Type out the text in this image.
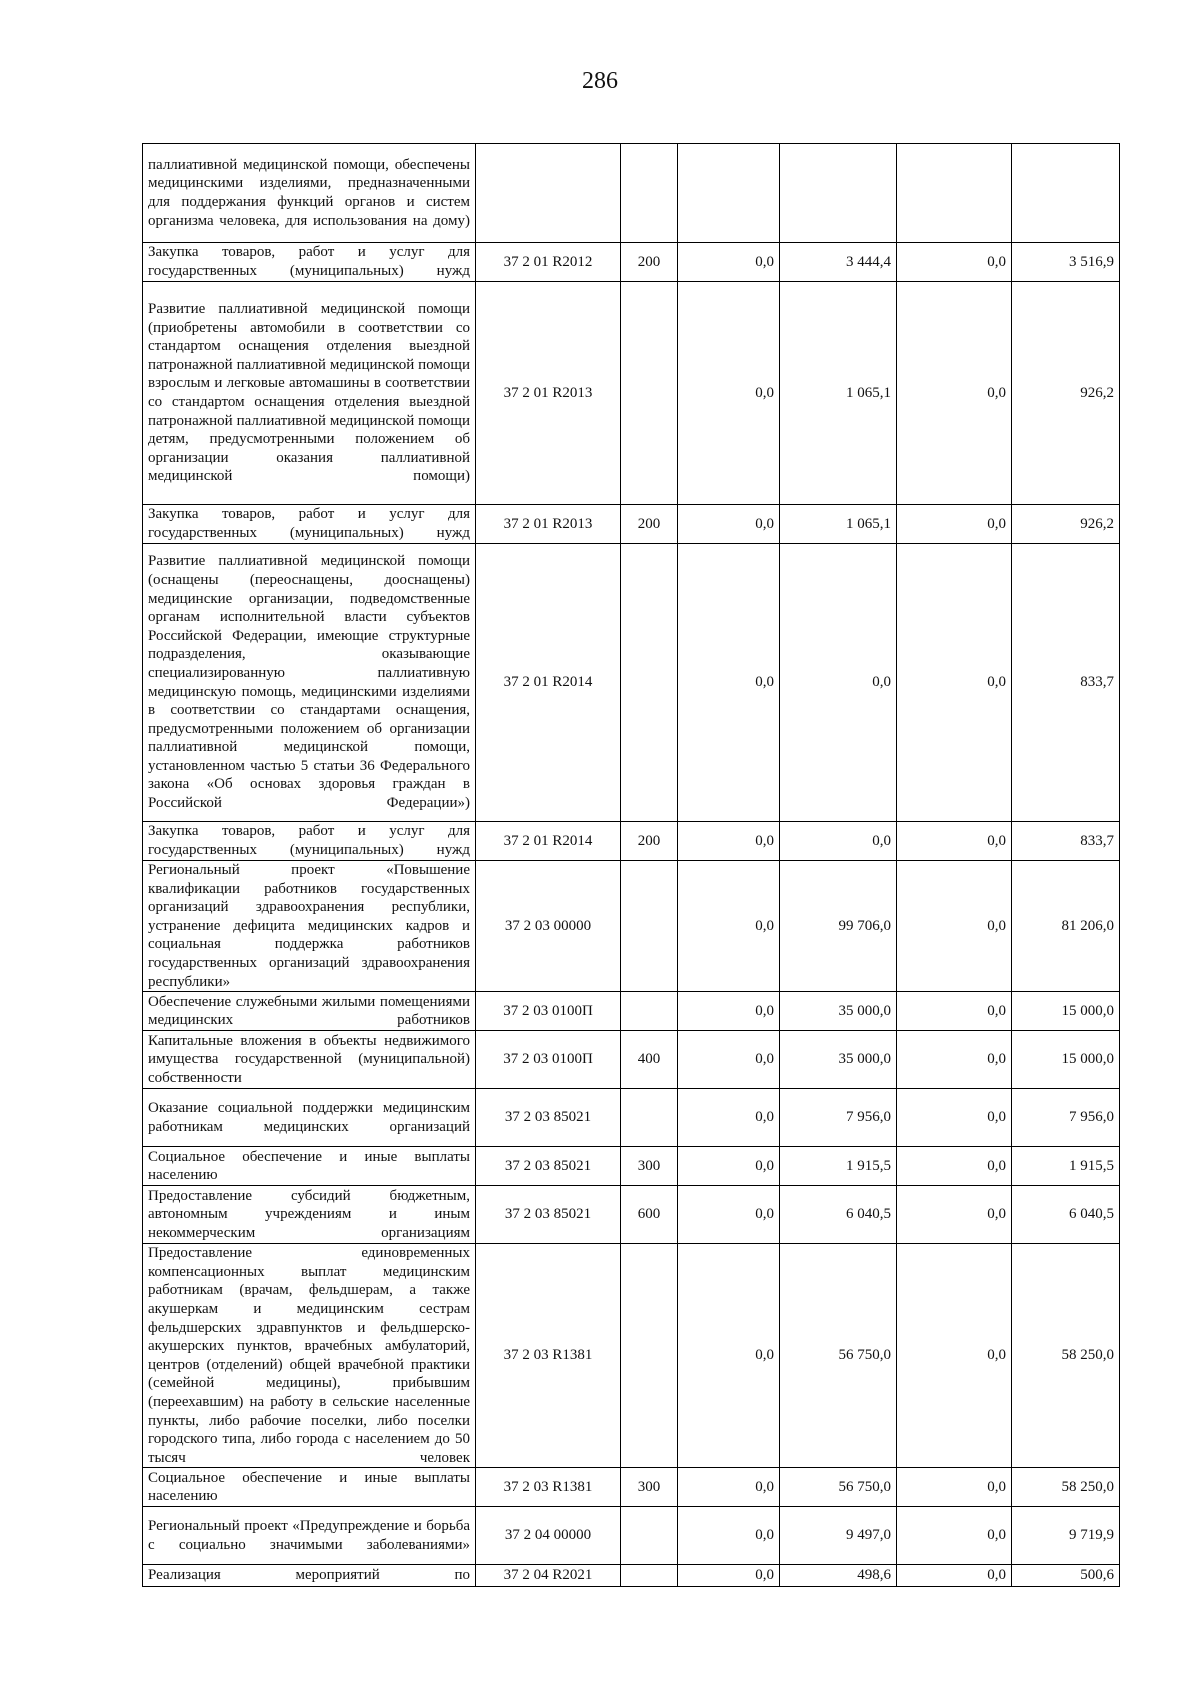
286
паллиативной медицинской помощи, обеспечены медицинскими изделиями, предназначенными для поддержания функций органов и систем организма человека, для использования на дому)						
Закупка товаров, работ и услуг для государственных (муниципальных) нужд	37 2 01 R2012	200	0,0	3 444,4	0,0	3 516,9
Развитие паллиативной медицинской помощи (приобретены автомобили в соответствии со стандартом оснащения отделения выездной патронажной паллиативной медицинской помощи взрослым и легковые автомашины в соответствии со стандартом оснащения отделения выездной патронажной паллиативной медицинской помощи детям, предусмотренными положением об организации оказания паллиативной медицинской помощи)	37 2 01 R2013		0,0	1 065,1	0,0	926,2
Закупка товаров, работ и услуг для государственных (муниципальных) нужд	37 2 01 R2013	200	0,0	1 065,1	0,0	926,2
Развитие паллиативной медицинской помощи (оснащены (переоснащены, дооснащены) медицинские организации, подведомственные органам исполнительной власти субъектов Российской Федерации, имеющие структурные подразделения, оказывающие специализированную паллиативную медицинскую помощь, медицинскими изделиями в соответствии со стандартами оснащения, предусмотренными положением об организации паллиативной медицинской помощи, установленном частью 5 статьи 36 Федерального закона «Об основах здоровья граждан в Российской Федерации»)	37 2 01 R2014		0,0	0,0	0,0	833,7
Закупка товаров, работ и услуг для государственных (муниципальных) нужд	37 2 01 R2014	200	0,0	0,0	0,0	833,7
Региональный проект «Повышение квалификации работников государственных организаций здравоохранения республики, устранение дефицита медицинских кадров и социальная поддержка работников государственных организаций здравоохранения республики»	37 2 03 00000		0,0	99 706,0	0,0	81 206,0
Обеспечение служебными жилыми помещениями медицинских работников	37 2 03 0100П		0,0	35 000,0	0,0	15 000,0
Капитальные вложения в объекты недвижимого имущества государственной (муниципальной) собственности	37 2 03 0100П	400	0,0	35 000,0	0,0	15 000,0
Оказание социальной поддержки медицинским работникам медицинских организаций	37 2 03 85021		0,0	7 956,0	0,0	7 956,0
Социальное обеспечение и иные выплаты населению	37 2 03 85021	300	0,0	1 915,5	0,0	1 915,5
Предоставление субсидий бюджетным, автономным учреждениям и иным некоммерческим организациям	37 2 03 85021	600	0,0	6 040,5	0,0	6 040,5
Предоставление единовременных компенсационных выплат медицинским работникам (врачам, фельдшерам, а также акушеркам и медицинским сестрам фельдшерских здравпунктов и фельдшерско-акушерских пунктов, врачебных амбулаторий, центров (отделений) общей врачебной практики (семейной медицины), прибывшим (переехавшим) на работу в сельские населенные пункты, либо рабочие поселки, либо поселки городского типа, либо города с населением до 50 тысяч человек	37 2 03 R1381		0,0	56 750,0	0,0	58 250,0
Социальное обеспечение и иные выплаты населению	37 2 03 R1381	300	0,0	56 750,0	0,0	58 250,0
Региональный проект «Предупреждение и борьба с социально значимыми заболеваниями»	37 2 04 00000		0,0	9 497,0	0,0	9 719,9
Реализация мероприятий по	37 2 04 R2021		0,0	498,6	0,0	500,6
